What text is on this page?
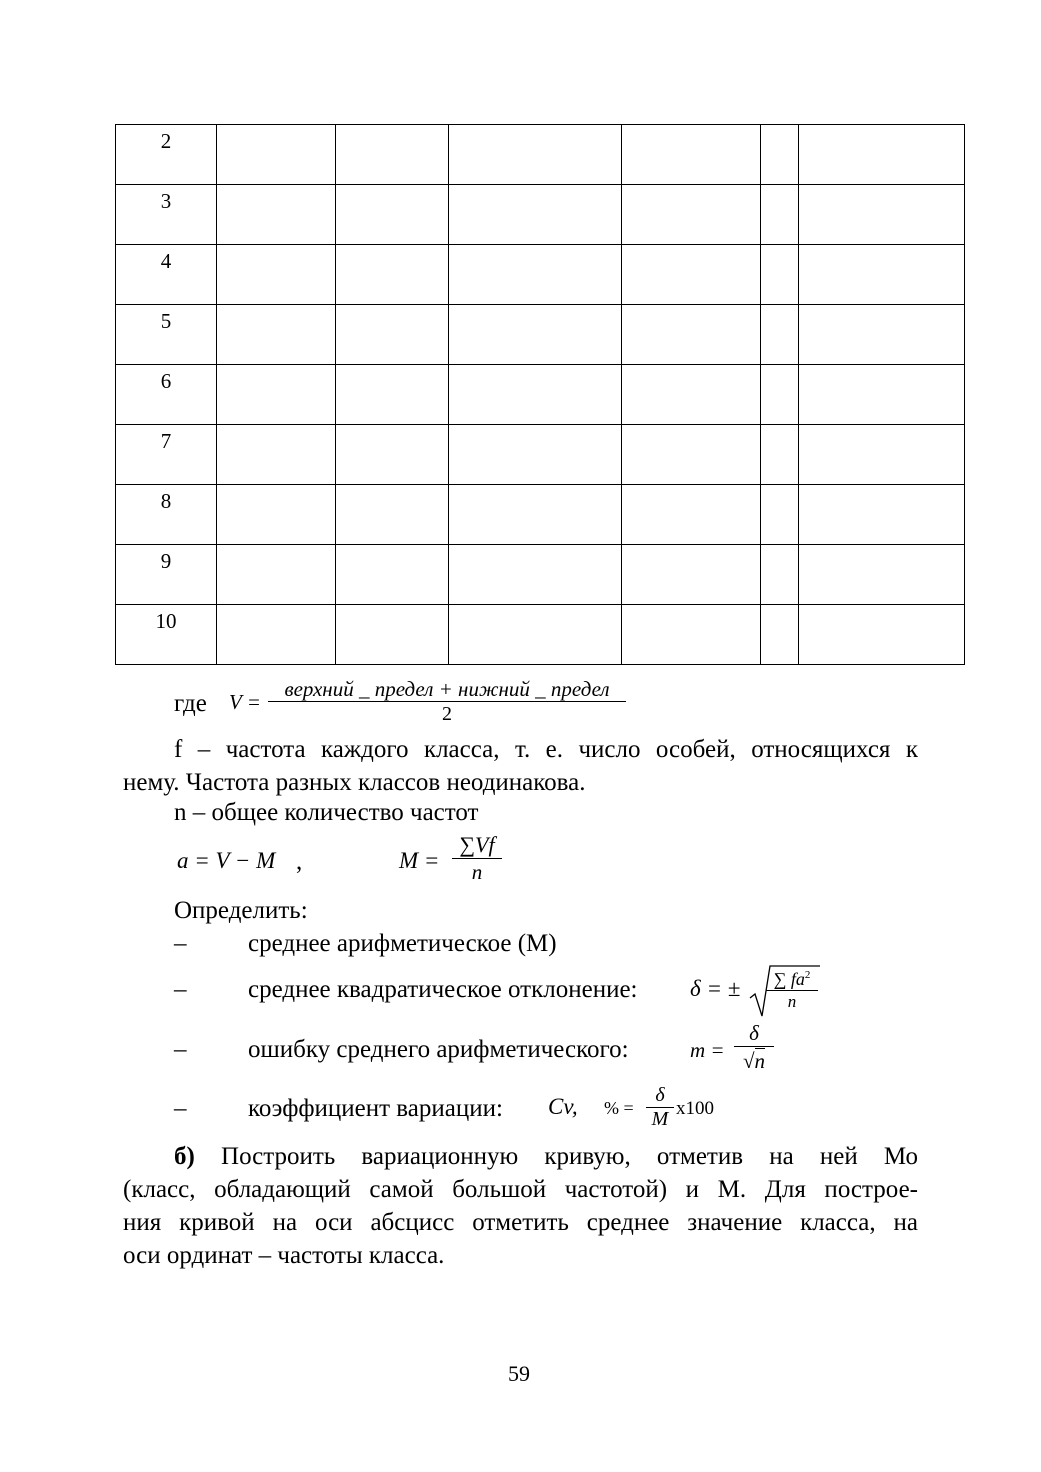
2						
3						
4						
5						
6						
7						
8						
9						
10						
где V =
верхний _ предел + нижний _ предел
2
f – частота каждого класса, т. е. число особей, относящихся к
нему. Частота разных классов неодинакова.
n – общее количество частот
a = V − M ,	M =
∑Vf
n
Определить:
– среднее арифметическое (М)
– среднее квадратическое отклонение: δ = ±	∑ $fa^2$
n
– ошибку среднего арифметического:	m =
δ
√n
– коэффициент вариации: Cv, % =
δ
M x100
б) Построить вариационную кривую, отметив на ней Мо
(класс, обладающий самой большой частотой) и М. Для построе-
ния кривой на оси абсцисс отметить среднее значение класса, на
оси ординат – частоты класса.
59
